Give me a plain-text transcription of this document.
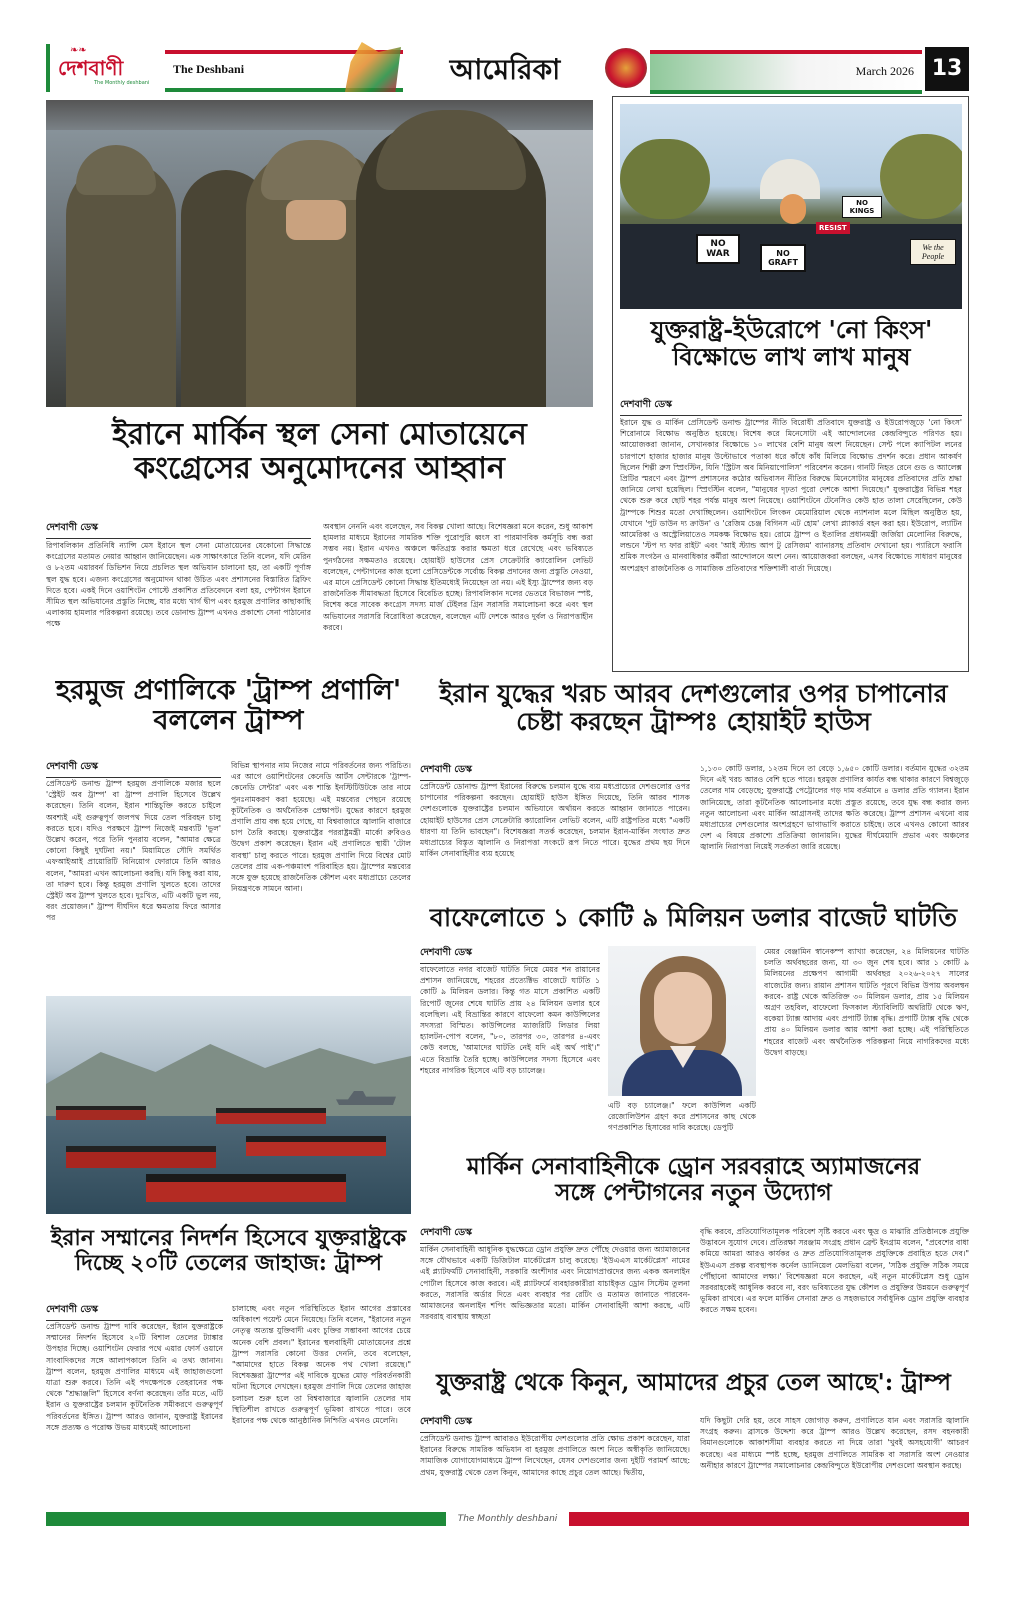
❧❧
দেশবাণী
The Monthly deshbani
The Deshbani	আমেরিকা	March 2026 13
ইরানে মার্কিন স্থল সেনা মোতায়েনে
কংগ্রেসের অনুমোদনের আহ্বান
দেশবাণী ডেস্ক
রিপাবলিকান প্রতিনিধি ন্যান্সি মেস ইরানে স্থল সেনা মোতায়েনের যেকোনো সিদ্ধান্তে কংগ্রেসের মতামত নেয়ার আহ্বান জানিয়েছেন। এক সাক্ষাৎকারে তিনি বলেন, যদি মেরিন ও ৮২তম এয়ারবর্ন ডিভিশন নিয়ে প্রচলিত স্থল অভিযান চালানো হয়, তা একটি পূর্ণাঙ্গ স্থল যুদ্ধ হবে। এজন্য কংগ্রেসের অনুমোদন থাকা উচিত এবং প্রশাসনের বিস্তারিত ব্রিফিং দিতে হবে। একই দিনে ওয়াশিংটন পোস্টে প্রকাশিত প্রতিবেদনে বলা হয়, পেন্টাগন ইরানে সীমিত স্থল অভিযানের প্রস্তুতি নিচ্ছে, যার মধ্যে খার্গ দ্বীপ এবং হরমুজ প্রণালির কাছাকাছি এলাকায় হামলার পরিকল্পনা রয়েছে। তবে ডোনাল্ড ট্রাম্প এখনও প্রকাশ্যে সেনা পাঠানোর পক্ষে
অবস্থান নেননি এবং বলেছেন, সব বিকল্প খোলা আছে। বিশেষজ্ঞরা মনে করেন, শুধু আকাশ হামলার মাধ্যমে ইরানের সামরিক শক্তি পুরোপুরি ধ্বংস বা পারমাণবিক কর্মসূচি বন্ধ করা সম্ভব নয়। ইরান এখনও অঞ্চলে ক্ষতিগ্রস্ত করার ক্ষমতা ধরে রেখেছে এবং ভবিষ্যতে পুনর্গঠনের সক্ষমতাও রয়েছে। হোয়াইট হাউসের প্রেস সেক্রেটারি ক্যারোলিন লেভিট বলেছেন, পেন্টাগনের কাজ হলো প্রেসিডেন্টকে সর্বোচ্চ বিকল্প প্রদানের জন্য প্রস্তুতি নেওয়া, এর মানে প্রেসিডেন্ট কোনো সিদ্ধান্ত ইতিমধ্যেই নিয়েছেন তা নয়। এই ইস্যু ট্রাম্পের জন্য বড় রাজনৈতিক সীমাবদ্ধতা হিসেবে বিবেচিত হচ্ছে। রিপাবলিকান দলের ভেতরে বিভাজন স্পষ্ট, বিশেষ করে সাবেক কংগ্রেস সদস্য মার্জ টেইলর গ্রিন সরাসরি সমালোচনা করে এবং স্থল অভিযানের সরাসরি বিরোধিতা করেছেন, বলেছেন এটি দেশকে আরও দুর্বল ও নিরাপত্তাহীন করবে।
NO KINGS
RESIST
NO WAR	NO GRAFT
We the People
যুক্তরাষ্ট্র-ইউরোপে 'নো কিংস'
বিক্ষোভে লাখ লাখ মানুষ
দেশবাণী ডেস্ক
ইরানে যুদ্ধ ও মার্কিন প্রেসিডেন্ট ডনাল্ড ট্রাম্পের নীতি বিরোধী প্রতিবাদে যুক্তরাষ্ট্র ও ইউরোপজুড়ে 'নো কিংস' শিরোনামে বিক্ষোভ অনুষ্ঠিত হয়েছে। বিশেষ করে মিনেসোটা এই আন্দোলনের কেন্দ্রবিন্দুতে পরিণত হয়। আয়োজকরা জানান, সেখানকার বিক্ষোভে ১০ লাখের বেশি মানুষ অংশ নিয়েছেন। সেন্ট পলে ক্যাপিটল লনের চারপাশে হাজার হাজার মানুষ উল্টোভাবে পতাকা ধরে কাঁধে কাঁধ মিলিয়ে বিক্ষোভ প্রদর্শন করে। প্রধান আকর্ষণ ছিলেন শিল্পী ব্রুস স্প্রিংস্টিন, যিনি 'স্ট্রিটস অব মিনিয়াপোলিস' পরিবেশন করেন। গানটি নিহত রেনে গুড ও অ্যালেক্স প্রিটির স্মরণে এবং ট্রাম্প প্রশাসনের কঠোর অভিবাসন নীতির বিরুদ্ধে মিনেসোটার মানুষের প্রতিবাদের প্রতি শ্রদ্ধা জানিয়ে লেখা হয়েছিল। স্প্রিংস্টিন বলেন, "মানুষের দৃঢ়তা পুরো দেশকে আশা দিয়েছে।" যুক্তরাষ্ট্রের বিভিন্ন শহর থেকে শুরু করে ছোট শহর পর্যন্ত মানুষ অংশ নিয়েছে। ওয়াশিংটনে টেনেসিও কেউ হাত তালা সেরেছিলেন, কেউ ট্রাম্পকে শিশুর মতো দেখাচ্ছিলেন। ওয়াশিংটনে লিংকন মেমোরিয়াল থেকে ন্যাশনাল মলে মিছিল অনুষ্ঠিত হয়, যেখানে 'পুট ডাউন দ্য ক্রাউন' ও 'রেজিম চেঞ্জ বিগিনস এট হোম' লেখা প্ল্যাকার্ড বহন করা হয়। ইউরোপ, ল্যাটিন আমেরিকা ও অস্ট্রেলিয়াতেও সমকক্ষ বিক্ষোভ হয়। রোমে ট্রাম্প ও ইতালির প্রধানমন্ত্রী জর্জিয়া মেলোনির বিরুদ্ধে, লন্ডনে 'স্টপ দ্য ফার রাইট' এবং 'আই স্ট্যান্ড আপ টু রেসিজম' ব্যানারসহ প্রতিবাদ দেখানো হয়। প্যারিসে ফরাসি শ্রমিক সংগঠন ও মানবাধিকার কর্মীরা আন্দোলনে অংশ নেন। আয়োজকরা বলছেন, এসব বিক্ষোভে সাধারণ মানুষের অংশগ্রহণ রাজনৈতিক ও সামাজিক প্রতিবাদের শক্তিশালী বার্তা দিয়েছে।
হরমুজ প্রণালিকে 'ট্রাম্প প্রণালি'
বললেন ট্রাম্প
দেশবাণী ডেস্ক
প্রেসিডেন্ট ডনাল্ড ট্রাম্প হরমুজ প্রণালিকে মজার ছলে 'স্ট্রেইট অব ট্রাম্প' বা ট্রাম্প প্রণালি হিসেবে উল্লেখ করেছেন। তিনি বলেন, ইরান শান্তিচুক্তি করতে চাইলে অবশ্যই এই গুরুত্বপূর্ণ জলপথ দিয়ে তেল পরিবহন চালু করতে হবে। যদিও পরক্ষণে ট্রাম্প নিজেই মন্তব্যটি 'ভুল' উল্লেখ করেন, পরে তিনি পুনরায় বলেন, "আমার ক্ষেত্রে কোনো কিছুই দুর্ঘটনা নয়।" মিয়ামিতে সৌদি সমর্থিত এফআইআই প্রায়োরিটি বিনিয়োগ ফোরামে তিনি আরও বলেন, "আমরা এখন আলোচনা করছি। যদি কিছু করা যায়, তা দারুণ হবে। কিন্তু হরমুজ প্রণালি খুলতে হবে। তাদের স্ট্রেইট অব ট্রাম্প খুলতে হবে। দুঃখিত, এটি একটি ভুল নয়, বরং প্রয়োজন।" ট্রাম্প দীর্ঘদিন ধরে ক্ষমতায় ফিরে আসার পর
বিভিন্ন স্থাপনার নাম নিজের নামে পরিবর্তনের জন্য পরিচিত। এর আগে ওয়াশিংটনের কেনেডি আর্টস সেন্টারকে 'ট্রাম্প-কেনেডি সেন্টার' এবং এক শান্তি ইনস্টিটিউটকে তার নামে পুনঃনামকরণ করা হয়েছে। এই মন্তব্যের পেছনে রয়েছে কূটনৈতিক ও অর্থনৈতিক প্রেক্ষাপট। যুদ্ধের কারণে হরমুজ প্রণালি প্রায় বন্ধ হয়ে গেছে, যা বিশ্ববাজারে জ্বালানি বাজারে চাপ তৈরি করছে। যুক্তরাষ্ট্রের পররাষ্ট্রমন্ত্রী মার্কো রুবিওও উদ্বেগ প্রকাশ করেছেন। ইরান এই প্রণালিতে স্থায়ী 'টোল ব্যবস্থা' চালু করতে পারে। হরমুজ প্রণালি দিয়ে বিশ্বের মোট তেলের প্রায় এক-পঞ্চমাংশ পরিবাহিত হয়। ট্রাম্পের মন্তব্যের সঙ্গে যুক্ত হয়েছে রাজনৈতিক কৌশল এবং মধ্যপ্রাচ্যে তেলের নিয়ন্ত্রণকে সামনে আনা।
ইরান যুদ্ধের খরচ আরব দেশগুলোর ওপর চাপানোর
চেষ্টা করছেন ট্রাম্পঃ হোয়াইট হাউস
দেশবাণী ডেস্ক
প্রেসিডেন্ট ডোনাল্ড ট্রাম্প ইরানের বিরুদ্ধে চলমান যুদ্ধে ব্যয় মধ্যপ্রাচ্যের দেশগুলোর ওপর চাপানোর পরিকল্পনা করছেন। হোয়াইট হাউস ইঙ্গিত দিয়েছে, তিনি আরব শাসক দেশগুলোকে যুক্তরাষ্ট্রের চলমান অভিযানে অর্থায়ন করতে আহ্বান জানাতে পারেন। হোয়াইট হাউসের প্রেস সেক্রেটারি ক্যারোলিন লেভিট বলেন, এটি রাষ্ট্রপতির মধ্যে "একটি ধারণা যা তিনি ভাবছেন"। বিশেষজ্ঞরা সতর্ক করেছেন, চলমান ইরান-মার্কিন সংঘাত দ্রুত মধ্যপ্রাচ্যের বিস্তৃত জ্বালানি ও নিরাপত্তা সংকটে রূপ নিতে পারে। যুদ্ধের প্রথম ছয় দিনে মার্কিন সেনাবাহিনীর ব্যয় হয়েছে
১,১৩০ কোটি ডলার, ১২তম দিনে তা বেড়ে ১,৬৫০ কোটি ডলার। বর্তমান যুদ্ধের ৩২তম দিনে এই খরচ আরও বেশি হতে পারে। হরমুজ প্রণালির কার্যত বন্ধ থাকার কারণে বিশ্বজুড়ে তেলের দাম বেড়েছে; যুক্তরাষ্ট্রে পেট্রোলের গড় দাম বর্তমানে ৪ ডলার প্রতি গ্যালন। ইরান জানিয়েছে, তারা কূটনৈতিক আলোচনার মধ্যে প্রস্তুত রয়েছে, তবে যুদ্ধ বন্ধ করার জন্য নতুন আলোচনা এবং মার্কিন আগ্রাসনই তাদের ক্ষতি করেছে। ট্রাম্প প্রশাসন এখনো ব্যয় মধ্যপ্রাচ্যের দেশগুলোর অংশগ্রহণে ভাগাভাগি করাতে চাইছে। তবে এখনও কোনো আরব দেশ এ বিষয়ে প্রকাশ্যে প্রতিক্রিয়া জানায়নি। যুদ্ধের দীর্ঘমেয়াদি প্রভাব এবং অঞ্চলের জ্বালানি নিরাপত্তা নিয়েই সতর্কতা জারি রয়েছে।
বাফেলোতে ১ কোটি ৯ মিলিয়ন ডলার বাজেট ঘাটতি
দেশবাণী ডেস্ক
বাফেলোতে নগর বাজেট ঘাটতি নিয়ে মেয়র শন রায়ানের প্রশাসন জানিয়েছে, শহরের প্রত্যেক্টিভ বাজেটে ঘাটতি ১ কোটি ৯ মিলিয়ন ডলার। কিন্তু গত মাসে প্রকাশিত একটি রিপোর্ট জুনের শেষে ঘাটতি প্রায় ২৪ মিলিয়ন ডলার হবে বলেছিল। এই বিভ্রান্তির কারণে বাফেলো কমন কাউন্সিলের সদস্যরা বিস্মিত। কাউন্সিলের ম্যাজরিটি লিডার লিয়া হ্যালটন-পোপ বলেন, "৮০, তারপর ৩০, তারপর ৪-এবং কেউ বলছে, 'আমাদের ঘাটতি নেই যদি এই অর্থ পাই'।" এতে বিভ্রান্তি তৈরি হচ্ছে। কাউন্সিলের সদস্য হিসেবে এবং শহরের নাগরিক হিসেবে এটি বড় চ্যালেঞ্জ।
এটি বড় চ্যালেঞ্জ।" ফলে কাউন্সিল একটি রেজোলিউশন গ্রহণ করে প্রশাসনের কাছ থেকে গণপ্রকাশিত হিসাবের দাবি করেছে। ডেপুটি
মেয়র বেঞ্জামিন স্বানেকম্প ব্যাখ্যা করেছেন, ২৪ মিলিয়নের ঘাটতি চলতি অর্থবছরের জন্য, যা ৩০ জুন শেষ হবে। আর ১ কোটি ৯ মিলিয়নের প্রক্ষেপণ আগামী অর্থবছর ২০২৬-২০২৭ সালের বাজেটের জন্য। রায়ান প্রশাসন ঘাটতি পূরণে বিভিন্ন উপায় অবলম্বন করবে- রাষ্ট্র থেকে অতিরিক্ত ৩০ মিলিয়ন ডলার, প্রায় ১৫ মিলিয়ন অগ্রণ তহবিল, বাফেলো ফিসকাল স্ট্যাবিলিটি অথরিটি থেকে ঋণ, বকেয়া ট্যাক্স আদায় এবং প্রপার্টি ট্যাক্স বৃদ্ধি। প্রপার্টি ট্যাক্স বৃদ্ধি থেকে প্রায় ৪০ মিলিয়ন ডলার আয় আশা করা হচ্ছে। এই পরিস্থিতিতে শহরের বাজেট এবং অর্থনৈতিক পরিকল্পনা নিয়ে নাগরিকদের মধ্যে উদ্বেগ বাড়ছে।
ইরান সম্মানের নিদর্শন হিসেবে যুক্তরাষ্ট্রকে
দিচ্ছে ২০টি তেলের জাহাজ: ট্রাম্প
দেশবাণী ডেস্ক
প্রেসিডেন্ট ডনাল্ড ট্রাম্প দাবি করেছেন, ইরান যুক্তরাষ্ট্রকে সম্মানের নিদর্শন হিসেবে ২০টি বিশাল তেলের ট্যাঙ্কার উপহার দিচ্ছে। ওয়াশিংটন ফেরার পথে এয়ার ফোর্স ওয়ানে সাংবাদিকদের সঙ্গে আলাপকালে তিনি এ তথ্য জানান। ট্রাম্প বলেন, হরমুজ প্রণালির মাধ্যমে এই জাহাজগুলো যাত্রা শুরু করবে। তিনি এই পদক্ষেপকে তেহরানের পক্ষ থেকে "শ্রদ্ধাঞ্জলি" হিসেবে বর্ণনা করেছেন। তাঁর মতে, এটি ইরান ও যুক্তরাষ্ট্রের চলমান কূটনৈতিক সমীকরণে গুরুত্বপূর্ণ পরিবর্তনের ইঙ্গিত। ট্রাম্প আরও জানান, যুক্তরাষ্ট্র ইরানের সঙ্গে প্রত্যক্ষ ও পরোক্ষ উভয় মাধ্যমেই আলোচনা
চালাচ্ছে এবং নতুন পরিস্থিতিতে ইরান আগের প্রস্তাবের অধিকাংশ পয়েন্ট মেনে নিয়েছে। তিনি বলেন, "ইরানের নতুন নেতৃত্ব অত্যন্ত যুক্তিবাদী এবং চুক্তির সম্ভাবনা আগের চেয়ে অনেক বেশি প্রবল।" ইরানের স্থলবাহিনী মোতায়েনের প্রশ্নে ট্রাম্প সরাসরি কোনো উত্তর দেননি, তবে বলেছেন, "আমাদের হাতে বিকল্প অনেক পথ খোলা রয়েছে।" বিশেষজ্ঞরা ট্রাম্পের এই দাবিকে যুদ্ধের মোড় পরিবর্তনকারী ঘটনা হিসেবে দেখছেন। হরমুজ প্রণালি দিয়ে তেলের জাহাজ চলাচল শুরু হলে তা বিশ্ববাজারে জ্বালানি তেলের দাম স্থিতিশীল রাখতে গুরুত্বপূর্ণ ভূমিকা রাখতে পারে। তবে ইরানের পক্ষ থেকে আনুষ্ঠানিক নিশ্চিতি এখনও মেলেনি।
মার্কিন সেনাবাহিনীকে ড্রোন সরবরাহে অ্যামাজনের
সঙ্গে পেন্টাগনের নতুন উদ্যোগ
দেশবাণী ডেস্ক
মার্কিন সেনাবাহিনী আধুনিক যুদ্ধক্ষেত্রে ড্রোন প্রযুক্তি দ্রুত পৌঁছে দেওয়ার জন্য অ্যামাজনের সঙ্গে যৌথভাবে একটি ডিজিটাল মার্কেটপ্লেস চালু করেছে। 'ইউএএস মার্কেটপ্লেস' নামের এই প্ল্যাটফর্মটি সেনাবাহিনী, সরকারি অংশীদার এবং নিয়োগপ্রাপ্তদের জন্য একক অনলাইন পোর্টাল হিসেবে কাজ করবে। এই প্ল্যাটফর্মে ব্যবহারকারীরা যাচাইকৃত ড্রোন সিস্টেম তুলনা করতে, সরাসরি অর্ডার দিতে এবং ব্যবহার পর রেটিং ও মতামত জানাতে পারবেন-আমাজনের অনলাইন শপিং অভিজ্ঞতার মতো। মার্কিন সেনাবাহিনী আশা করছে, এটি সরবরাহ ব্যবস্থায় স্বচ্ছতা
বৃদ্ধি করবে, প্রতিযোগিতামূলক পরিবেশ সৃষ্টি করবে এবং ক্ষুদ্র ও মাঝারি প্রতিষ্ঠানকে প্রযুক্তি উদ্ভাবনে সুযোগ দেবে। প্রতিরক্ষা সরঞ্জাম সংগ্রহ প্রধান ব্রেন্ট ইনগ্রাম বলেন, "প্রবেশের বাধা কমিয়ে আমরা আরও কার্যকর ও দ্রুত প্রতিযোগিতামূলক প্রযুক্তিকে প্রবাহিত হতে দেব।" ইউএএস প্রকল্প ব্যবস্থাপক কর্নেল ড্যানিয়েল মেলভিয়া বলেন, 'সঠিক প্রযুক্তি সঠিক সময়ে পৌঁছানো আমাদের লক্ষ্য।' বিশেষজ্ঞরা মনে করছেন, এই নতুন মার্কেটপ্লেস শুধু ড্রোন সরবরাহকেই আধুনিক করবে না, বরং ভবিষ্যতের যুদ্ধ কৌশল ও প্রযুক্তির উন্নয়নে গুরুত্বপূর্ণ ভূমিকা রাখবে। এর ফলে মার্কিন সেনারা দ্রুত ও সহজভাবে সর্বাধুনিক ড্রোন প্রযুক্তি ব্যবহার করতে সক্ষম হবেন।
যুক্তরাষ্ট্র থেকে কিনুন, আমাদের প্রচুর তেল আছে': ট্রাম্প
দেশবাণী ডেস্ক
প্রেসিডেন্ট ডনাল্ড ট্রাম্প আবারও ইউরোপীয় দেশগুলোর প্রতি ক্ষোভ প্রকাশ করেছেন, যারা ইরানের বিরুদ্ধে সামরিক অভিযান বা হরমুজ প্রণালিতে অংশ নিতে অস্বীকৃতি জানিয়েছে। সামাজিক যোগাযোগমাধ্যমে ট্রাম্প লিখেছেন, যেসব দেশগুলোর জন্য দুইটি পরামর্শ আছে: প্রথম, যুক্তরাষ্ট্র থেকে তেল কিনুন, আমাদের কাছে প্রচুর তেল আছে। দ্বিতীয়,
যদি কিছুটা দেরি হয়, তবে সাহস জোগাড় করুন, প্রণালিতে যান এবং সরাসরি জ্বালানি সংগ্রহ করুন। ব্রাসকে উদ্দেশ্য করে ট্রাম্প আরও উল্লেখ করেছেন, রসদ বহনকারী বিমানগুলোকে আকাশসীমা ব্যবহার করতে না দিয়ে তারা 'খুবই অসহযোগী' আচরণ করেছে। এর মাধ্যমে স্পষ্ট হচ্ছে, হরমুজ প্রণালিতে সামরিক বা সরাসরি অংশ নেওয়ার অনীহার কারণে ট্রাম্পের সমালোচনার কেন্দ্রবিন্দুতে ইউরোপীয় দেশগুলো অবস্থান করছে।
The Monthly deshbani
